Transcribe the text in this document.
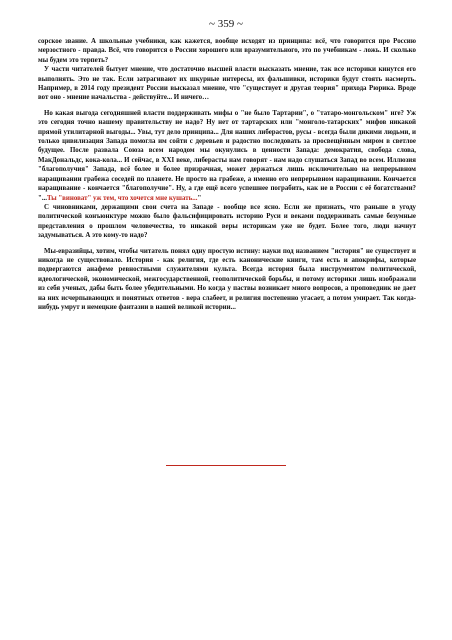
~ 359 ~

сорское звание. А школьные учебники, как кажется, вообще исходят из принципа: всё, что говорится про Россию мерзостного - правда. Всё, что говорится о России хорошего или вразумительного, это по учебникам - ложь. И сколько мы будем это терпеть?

У части читателей бытует мнение, что достаточно высшей власти высказать мнение, так все историки кинутся его выполнять. Это не так. Если затрагивают их шкурные интересы, их фальшивки, историки будут стоять насмерть. Например, в 2014 году президент России высказал мнение, что "существует и другая теория" прихода Рюрика. Вроде вот оно - мнение начальства - действуйте... И ничего…

Но какая выгода сегодняшней власти поддерживать мифы о "не было Тартарии", о "татаро-монгольском" иге? Уж это сегодня точно нашему правительству не надо? Ну нет от тартарских или "монголо-татарских" мифов никакой прямой утилитарной выгоды... Увы, тут дело принципа... Для наших либерастов, русы - всегда были дикими людьми, и только цивилизация Запада помогла им сойти с деревьев и радостно последовать за просвещённым миром в светлое будущее. После развала Союза всем народом мы окунулись в ценности Запада: демократия, свобода слова, МакДональдс, кока-кола... И сейчас, в XXI веке, либерасты нам говорят - нам надо слушаться Запад во всем. Иллюзия "благополучия" Запада, всё более и более призрачная, может держаться лишь исключительно на непрерывном наращивании грабежа соседей по планете. Не просто на грабеже, а именно его непрерывном наращивании. Кончается наращивание - кончается "благополучие". Ну, а где ещё всего успешнее пограбить, как не в России с её богатствами? "...Ты "виноват" уж тем, что хочется мне кушать..."

С чиновниками, держащими свои счета на Западе - вообще все ясно. Если же признать, что раньше в угоду политической конъюнктуре можно было фальсифицировать историю Руси и веками поддерживать самые безумные представления о прошлом человечества, то никакой веры историкам уже не будет. Более того, люди начнут задумываться. А это кому-то надо?

Мы-евразийцы, хотим, чтобы читатель понял одну простую истину: науки под названием "история" не существует и никогда не существовало. История - как религия, где есть канонические книги, там есть и апокрифы, которые подвергаются анафеме ревностными служителями культа. Всегда история была инструментом политической, идеологической, экономической, межгосударственной, геополитической борьбы, и потому историки лишь изображали из себя ученых, дабы быть более убедительными. Но когда у паствы возникает много вопросов, а проповедник не дает на них исчерпывающих и понятных ответов - вера слабеет, и религия постепенно угасает, а потом умирает. Так когда-нибудь умрут и немецкие фантазии в нашей великой истории...
